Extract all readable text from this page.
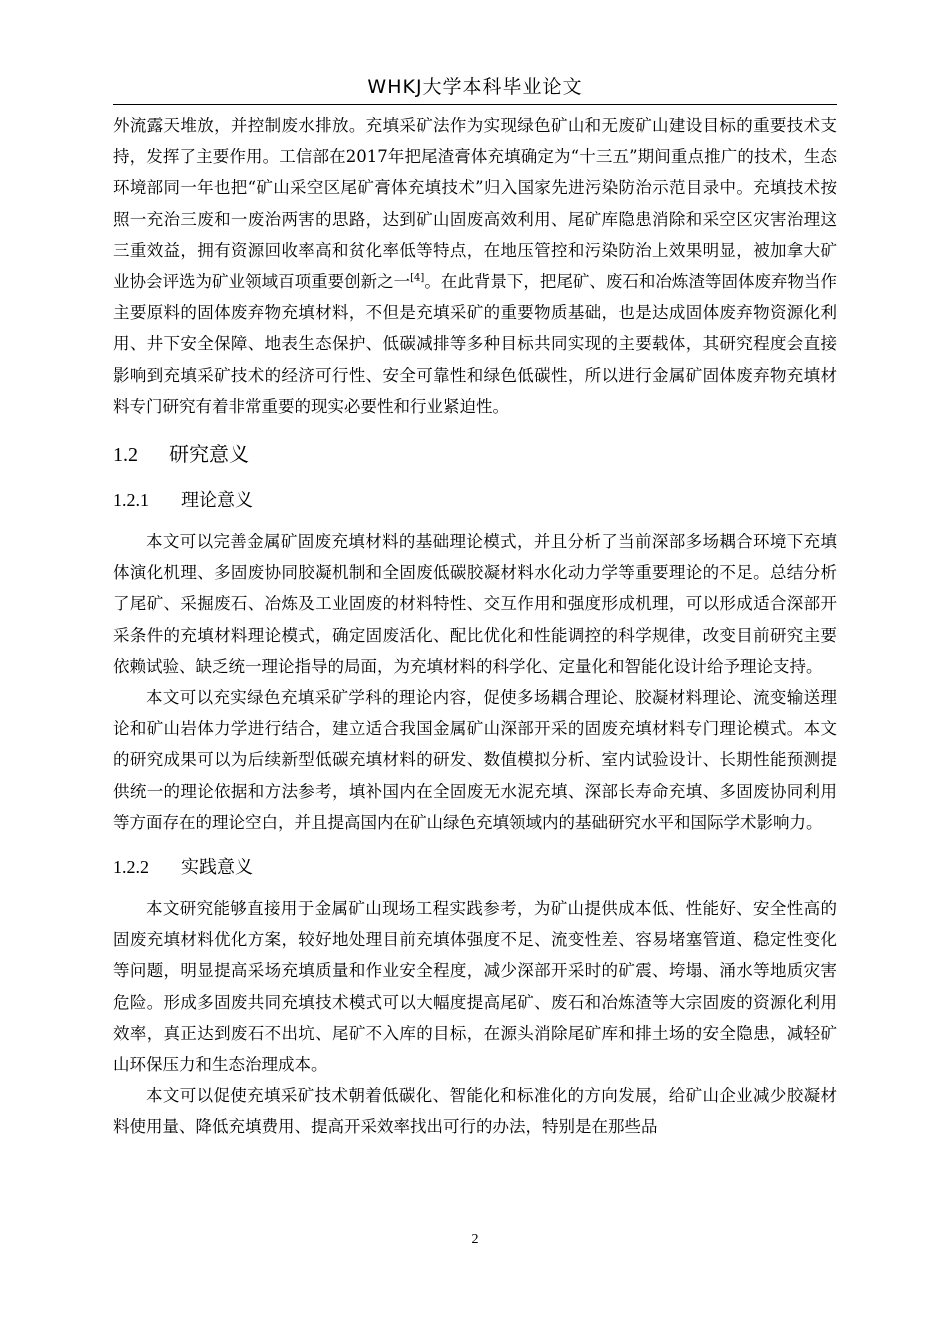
WHKJ大学本科毕业论文

外流露天堆放，并控制废水排放。充填采矿法作为实现绿色矿山和无废矿山建设目标的重要技术支持，发挥了主要作用。工信部在2017年把尾渣膏体充填确定为“十三五”期间重点推广的技术，生态环境部同一年也把“矿山采空区尾矿膏体充填技术”归入国家先进污染防治示范目录中。充填技术按照一充治三废和一废治两害的思路，达到矿山固废高效利用、尾矿库隐患消除和采空区灾害治理这三重效益，拥有资源回收率高和贫化率低等特点，在地压管控和污染防治上效果明显，被加拿大矿业协会评选为矿业领域百项重要创新之一[4]。在此背景下，把尾矿、废石和冶炼渣等固体废弃物当作主要原料的固体废弃物充填材料，不但是充填采矿的重要物质基础，也是达成固体废弃物资源化利用、井下安全保障、地表生态保护、低碳减排等多种目标共同实现的主要载体，其研究程度会直接影响到充填采矿技术的经济可行性、安全可靠性和绿色低碳性，所以进行金属矿固体废弃物充填材料专门研究有着非常重要的现实必要性和行业紧迫性。

1.2 研究意义
1.2.1 理论意义

本文可以完善金属矿固废充填材料的基础理论模式，并且分析了当前深部多场耦合环境下充填体演化机理、多固废协同胶凝机制和全固废低碳胶凝材料水化动力学等重要理论的不足。总结分析了尾矿、采掘废石、冶炼及工业固废的材料特性、交互作用和强度形成机理，可以形成适合深部开采条件的充填材料理论模式，确定固废活化、配比优化和性能调控的科学规律，改变目前研究主要依赖试验、缺乏统一理论指导的局面，为充填材料的科学化、定量化和智能化设计给予理论支持。

本文可以充实绿色充填采矿学科的理论内容，促使多场耦合理论、胶凝材料理论、流变输送理论和矿山岩体力学进行结合，建立适合我国金属矿山深部开采的固废充填材料专门理论模式。本文的研究成果可以为后续新型低碳充填材料的研发、数值模拟分析、室内试验设计、长期性能预测提供统一的理论依据和方法参考，填补国内在全固废无水泥充填、深部长寿命充填、多固废协同利用等方面存在的理论空白，并且提高国内在矿山绿色充填领域内的基础研究水平和国际学术影响力。

1.2.2 实践意义

本文研究能够直接用于金属矿山现场工程实践参考，为矿山提供成本低、性能好、安全性高的固废充填材料优化方案，较好地处理目前充填体强度不足、流变性差、容易堵塞管道、稳定性变化等问题，明显提高采场充填质量和作业安全程度，减少深部开采时的矿震、垮塌、涌水等地质灾害危险。形成多固废共同充填技术模式可以大幅度提高尾矿、废石和冶炼渣等大宗固废的资源化利用效率，真正达到废石不出坑、尾矿不入库的目标，在源头消除尾矿库和排土场的安全隐患，减轻矿山环保压力和生态治理成本。

本文可以促使充填采矿技术朝着低碳化、智能化和标准化的方向发展，给矿山企业减少胶凝材料使用量、降低充填费用、提高开采效率找出可行的办法，特别是在那些品

2
